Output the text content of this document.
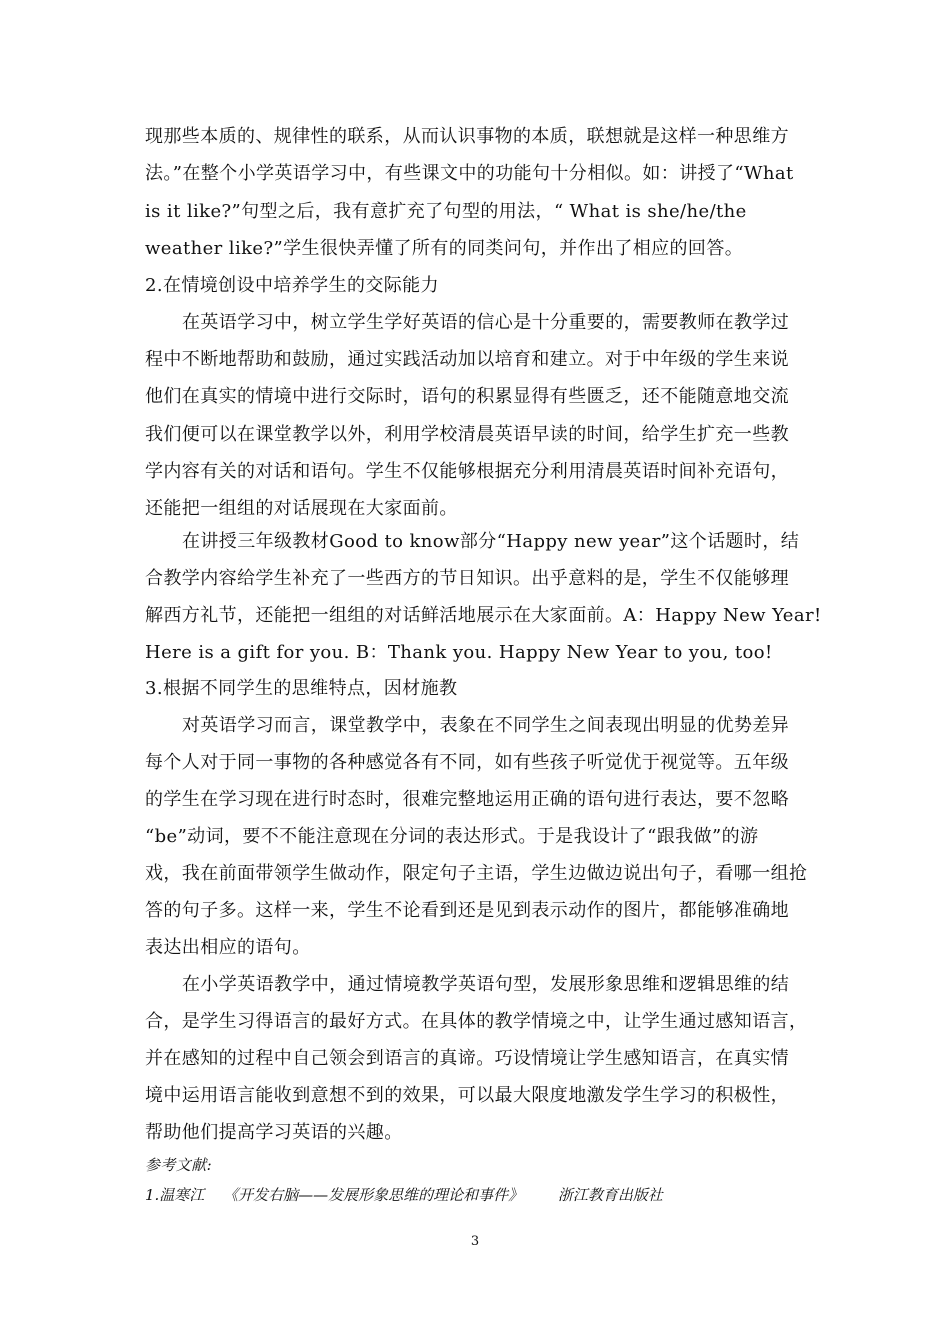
现那些本质的、规律性的联系，从而认识事物的本质，联想就是这样一种思维方
法。”在整个小学英语学习中，有些课文中的功能句十分相似。如：讲授了“What
is it like?”句型之后，我有意扩充了句型的用法，“ What is she/he/the
weather like?”学生很快弄懂了所有的同类问句，并作出了相应的回答。
2.在情境创设中培养学生的交际能力
在英语学习中，树立学生学好英语的信心是十分重要的，需要教师在教学过
程中不断地帮助和鼓励，通过实践活动加以培育和建立。对于中年级的学生来说
他们在真实的情境中进行交际时，语句的积累显得有些匮乏，还不能随意地交流
我们便可以在课堂教学以外，利用学校清晨英语早读的时间，给学生扩充一些教
学内容有关的对话和语句。学生不仅能够根据充分利用清晨英语时间补充语句，
还能把一组组的对话展现在大家面前。
在讲授三年级教材Good to know部分“Happy new year”这个话题时，结
合教学内容给学生补充了一些西方的节日知识。出乎意料的是，学生不仅能够理
解西方礼节，还能把一组组的对话鲜活地展示在大家面前。A：Happy New Year!
Here is a gift for you. B：Thank you. Happy New Year to you, too!
3.根据不同学生的思维特点，因材施教
对英语学习而言，课堂教学中，表象在不同学生之间表现出明显的优势差异
每个人对于同一事物的各种感觉各有不同，如有些孩子听觉优于视觉等。五年级
的学生在学习现在进行时态时，很难完整地运用正确的语句进行表达，要不忽略
“be”动词，要不不能注意现在分词的表达形式。于是我设计了“跟我做”的游
戏，我在前面带领学生做动作，限定句子主语，学生边做边说出句子，看哪一组抢
答的句子多。这样一来，学生不论看到还是见到表示动作的图片，都能够准确地
表达出相应的语句。
在小学英语教学中，通过情境教学英语句型，发展形象思维和逻辑思维的结
合，是学生习得语言的最好方式。在具体的教学情境之中，让学生通过感知语言，
并在感知的过程中自己领会到语言的真谛。巧设情境让学生感知语言，在真实情
境中运用语言能收到意想不到的效果，可以最大限度地激发学生学习的积极性，
帮助他们提高学习英语的兴趣。
参考文献:
1.温寒江 《开发右脑——发展形象思维的理论和事件》 浙江教育出版社
3
